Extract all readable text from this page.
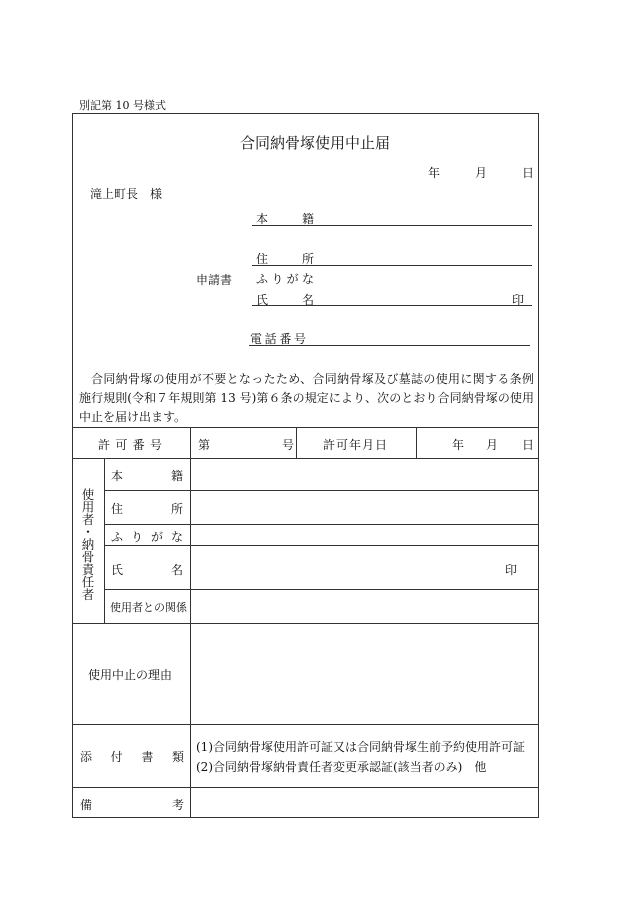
別記第 10 号様式
合同納骨塚使用中止届
年	月	日
滝上町長　様
申請書
本	籍
住	所
ふ り が な
氏	名	印
電 話 番 号
合同納骨塚の使用が不要となったため、合同納骨塚及び墓誌の使用に関する条例施行規則(令和７年規則第 13 号)第６条の規定により、次のとおり合同納骨塚の使用中止を届け出ます。
許 可 番 号	第	号 許可年月日	年 月 日
使用者・納骨責任者
本	籍
住	所
ふ り が な
氏	名	印
使用者との関係
使用中止の理由
添 付 書 類
(1)合同納骨塚使用許可証又は合同納骨塚生前予約使用許可証
(2)合同納骨塚納骨責任者変更承認証(該当者のみ)　他
備	考
